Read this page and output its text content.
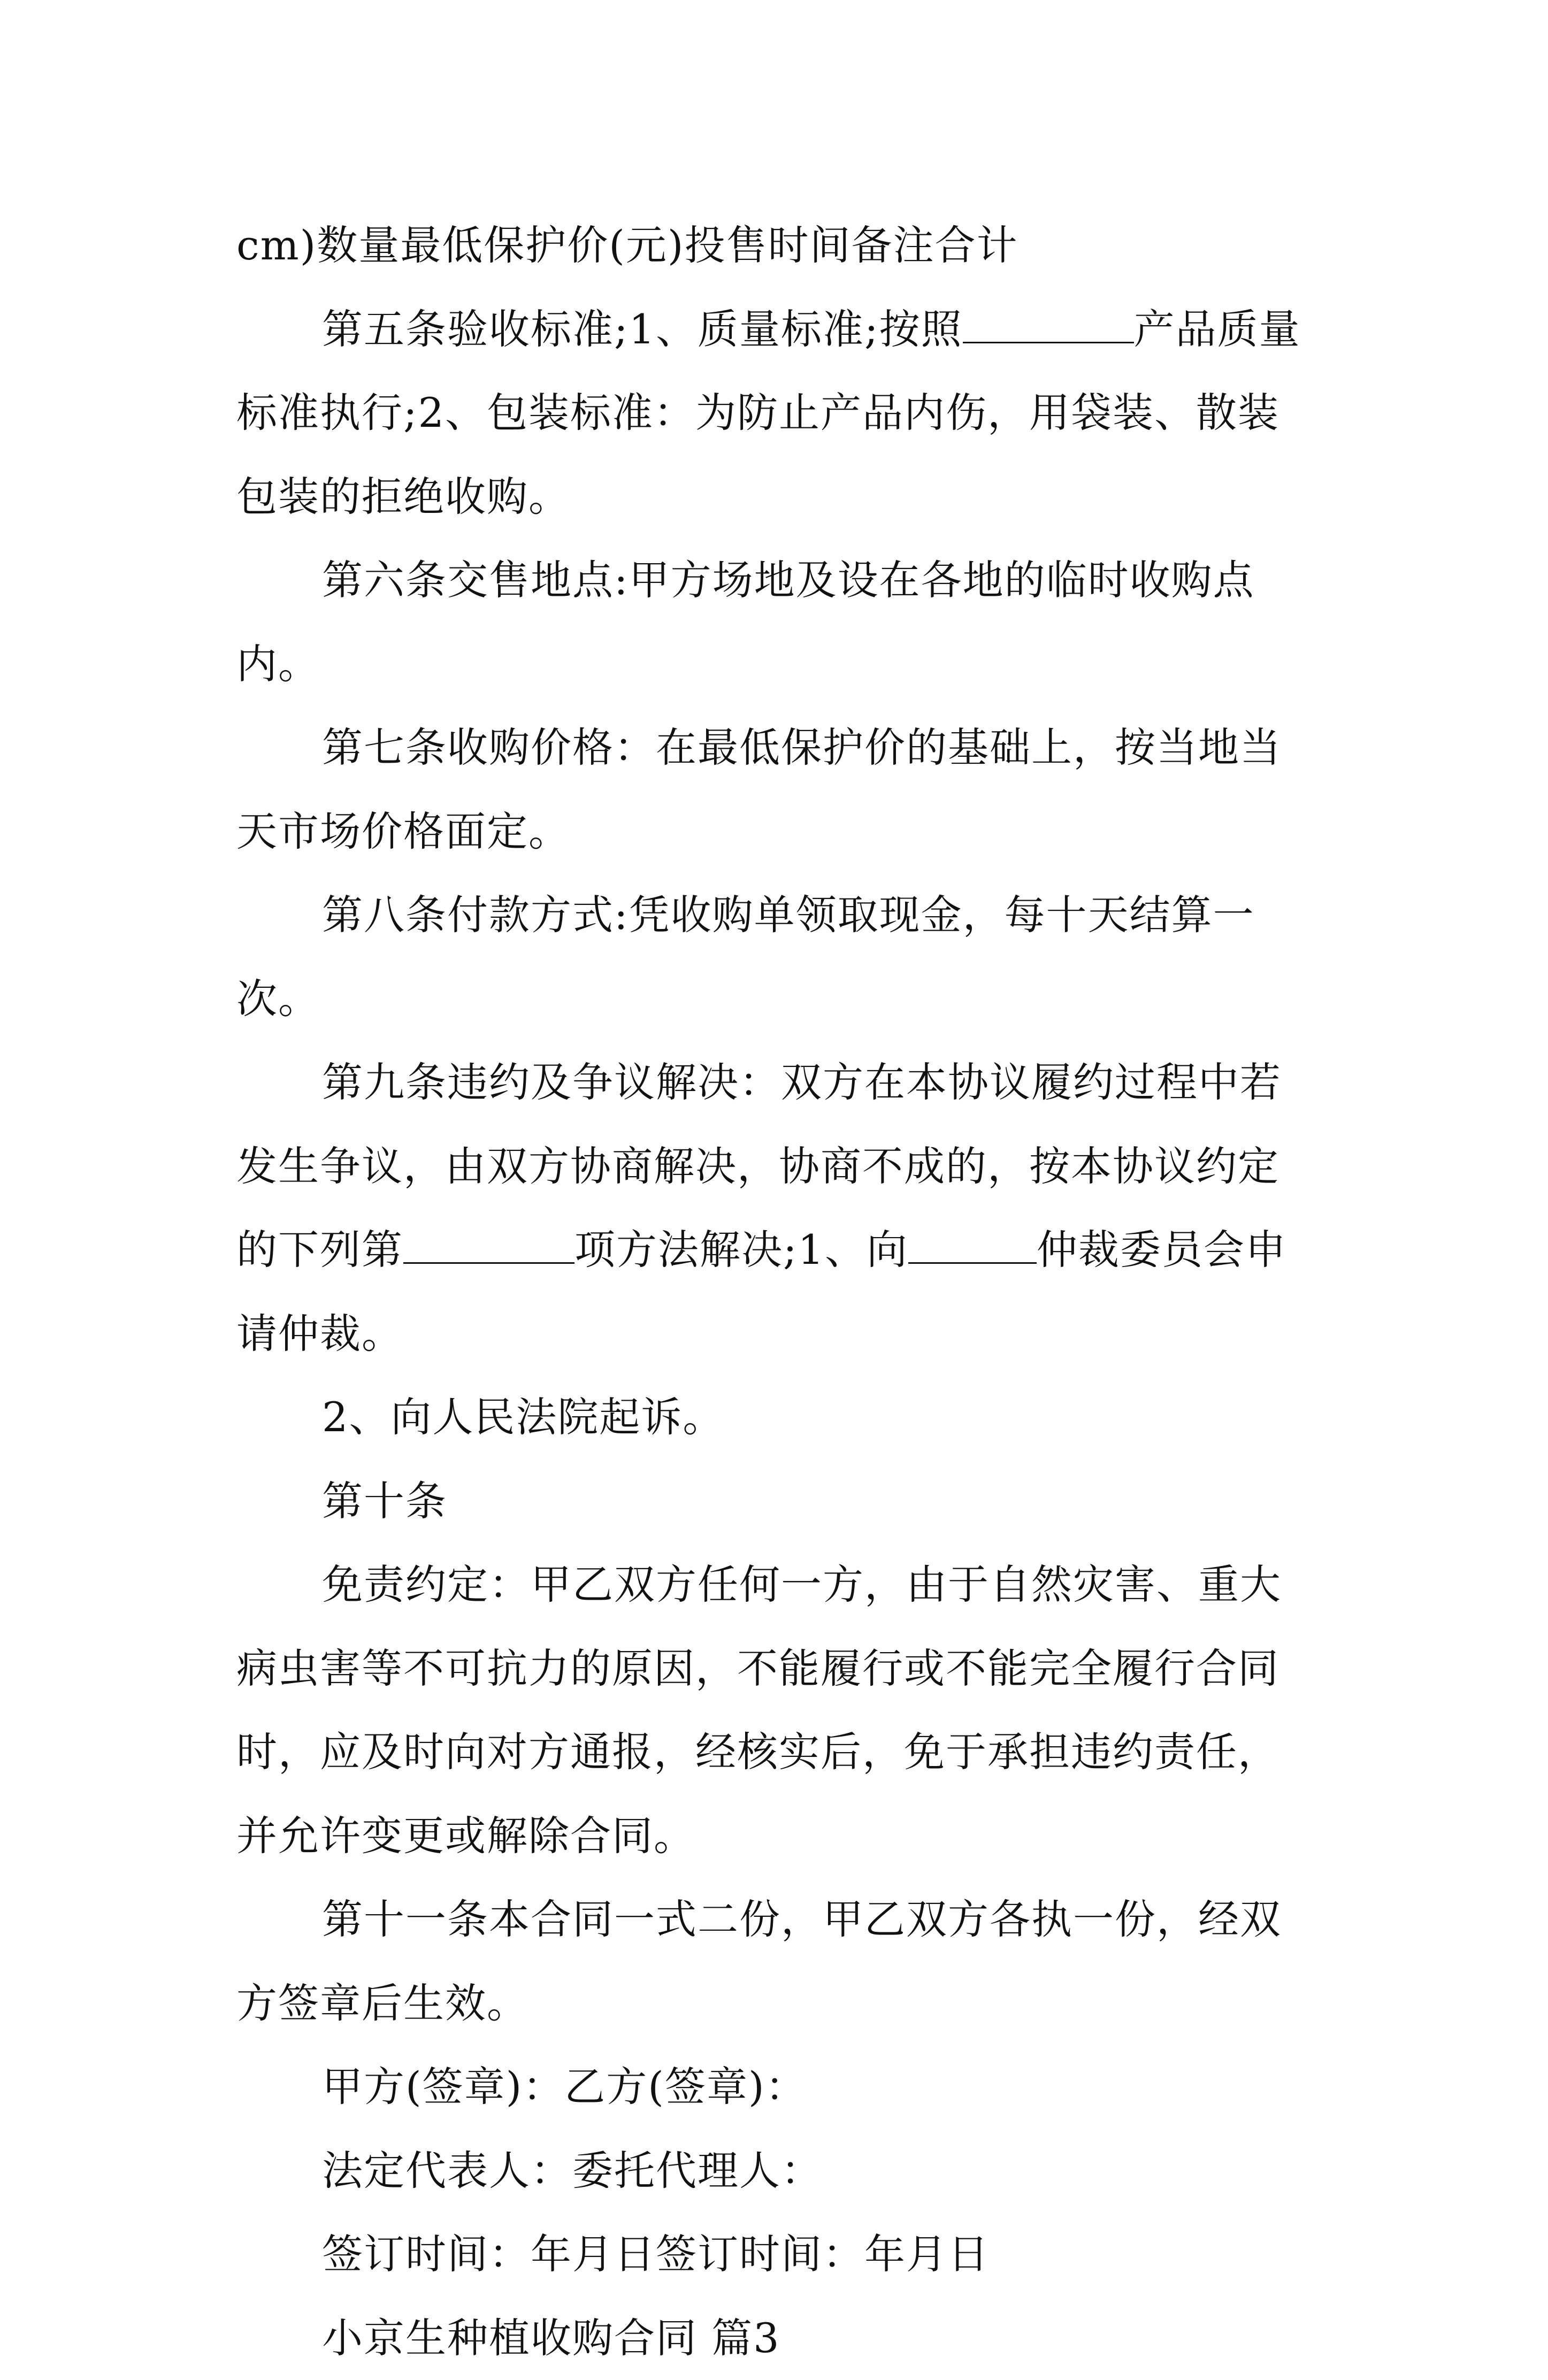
cm)数量最低保护价(元)投售时间备注合计

第五条验收标准;1、质量标准;按照	产品质量标准执行;2、包装标准：为防止产品内伤，用袋装、散装包装的拒绝收购。

第六条交售地点:甲方场地及设在各地的临时收购点内。

第七条收购价格：在最低保护价的基础上，按当地当天市场价格面定。

第八条付款方式:凭收购单领取现金，每十天结算一次。

第九条违约及争议解决：双方在本协议履约过程中若发生争议，由双方协商解决，协商不成的，按本协议约定的下列第	项方法解决;1、向	仲裁委员会申请仲裁。

2、向人民法院起诉。

第十条

免责约定：甲乙双方任何一方，由于自然灾害、重大病虫害等不可抗力的原因，不能履行或不能完全履行合同时，应及时向对方通报，经核实后，免于承担违约责任，并允许变更或解除合同。

第十一条本合同一式二份，甲乙双方各执一份，经双方签章后生效。

甲方(签章)：乙方(签章)：

法定代表人：委托代理人：

签订时间：年月日签订时间：年月日

小京生种植收购合同 篇3
